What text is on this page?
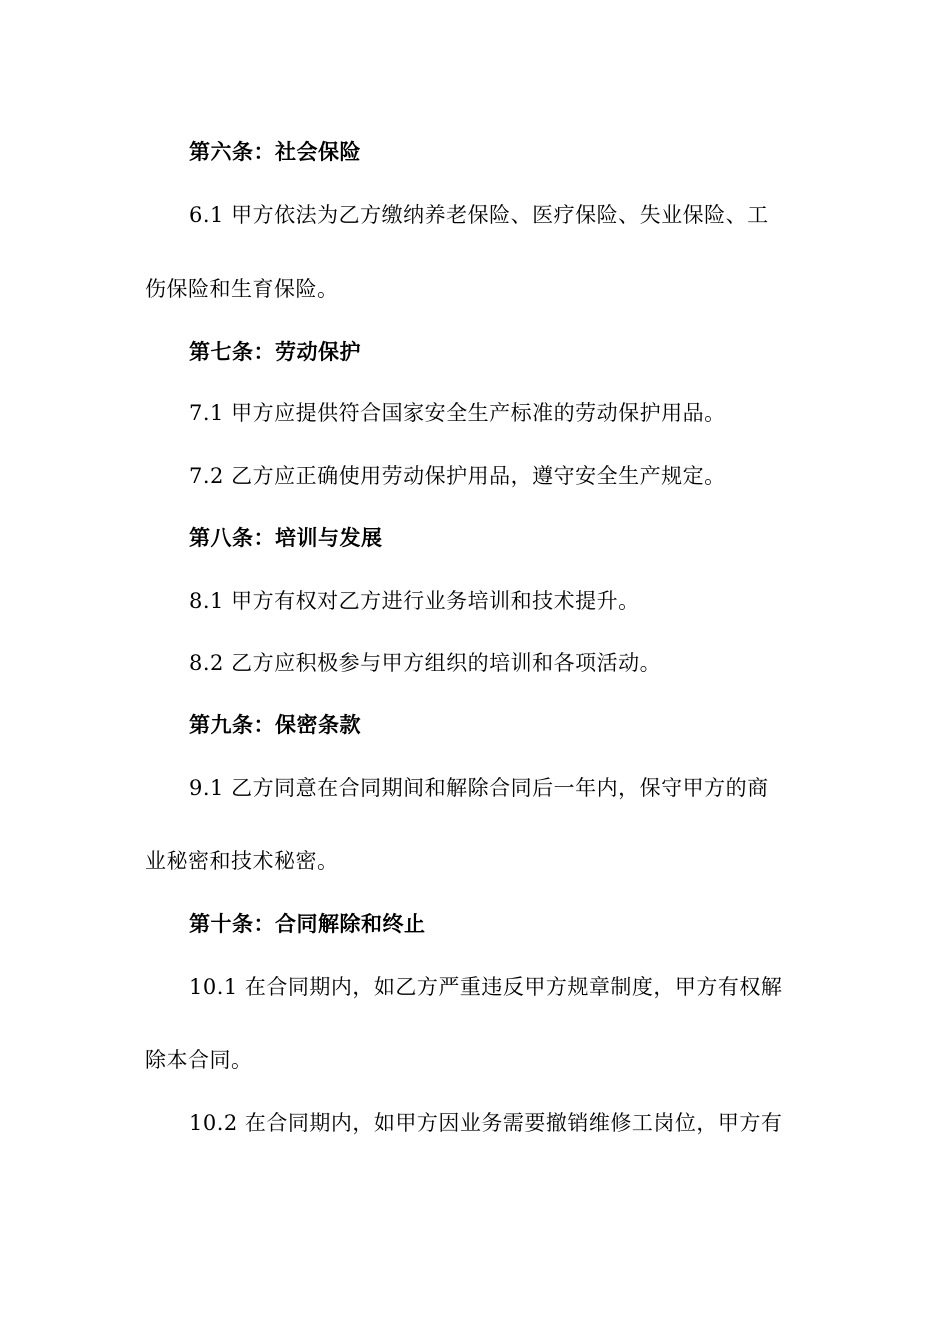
第六条：社会保险
6.1 甲方依法为乙方缴纳养老保险、医疗保险、失业保险、工
伤保险和生育保险。
第七条：劳动保护
7.1 甲方应提供符合国家安全生产标准的劳动保护用品。
7.2 乙方应正确使用劳动保护用品，遵守安全生产规定。
第八条：培训与发展
8.1 甲方有权对乙方进行业务培训和技术提升。
8.2 乙方应积极参与甲方组织的培训和各项活动。
第九条：保密条款
9.1 乙方同意在合同期间和解除合同后一年内，保守甲方的商
业秘密和技术秘密。
第十条：合同解除和终止
10.1 在合同期内，如乙方严重违反甲方规章制度，甲方有权解
除本合同。
10.2 在合同期内，如甲方因业务需要撤销维修工岗位，甲方有
